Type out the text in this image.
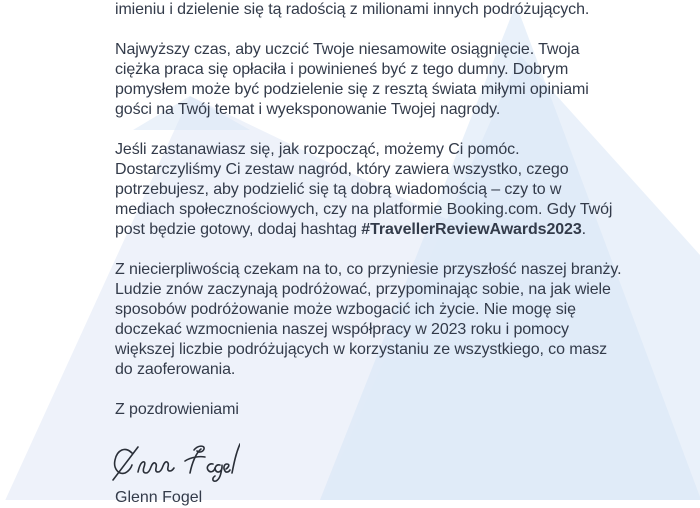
imieniu i dzielenie się tą radością z milionami innych podróżujących.
Najwyższy czas, aby uczcić Twoje niesamowite osiągnięcie. Twoja
ciężka praca się opłaciła i powinieneś być z tego dumny. Dobrym
pomysłem może być podzielenie się z resztą świata miłymi opiniami
gości na Twój temat i wyeksponowanie Twojej nagrody.
Jeśli zastanawiasz się, jak rozpocząć, możemy Ci pomóc.
Dostarczyliśmy Ci zestaw nagród, który zawiera wszystko, czego
potrzebujesz, aby podzielić się tą dobrą wiadomością – czy to w
mediach społecznościowych, czy na platformie Booking.com. Gdy Twój
post będzie gotowy, dodaj hashtag #TravellerReviewAwards2023.
Z niecierpliwością czekam na to, co przyniesie przyszłość naszej branży.
Ludzie znów zaczynają podróżować, przypominając sobie, na jak wiele
sposobów podróżowanie może wzbogacić ich życie. Nie mogę się
doczekać wzmocnienia naszej współpracy w 2023 roku i pomocy
większej liczbie podróżujących w korzystaniu ze wszystkiego, co masz
do zaoferowania.
Z pozdrowieniami
Glenn Fogel
